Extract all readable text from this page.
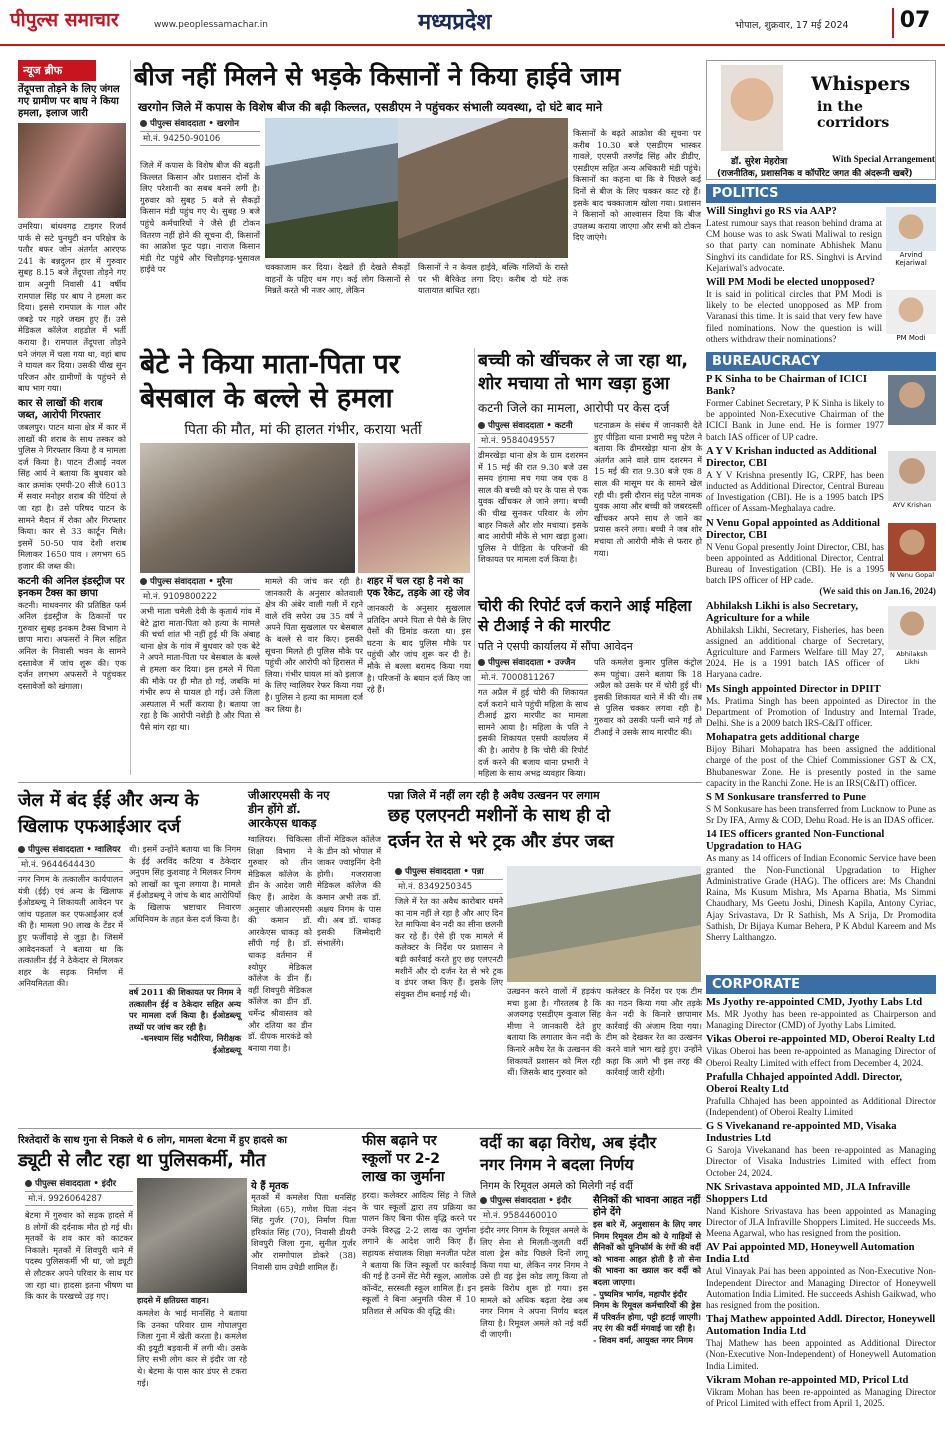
पीपुल्स समाचार	www.peoplessamachar.in	मध्यप्रदेश	भोपाल, शुक्रवार, 17 मई 2024	07
न्यूज ब्रीफ
तेंदूपत्ता तोड़ने के लिए जंगल गए ग्रामीण पर बाघ ने किया हमला, इलाज जारी
उमरिया। बांधवगढ़ टाइगर रिजर्व पार्क से सटे घुनघुटी वन परिक्षेत्र के पतौर बफर जोन अंतर्गत आरएफ 241 के बन्नदुलन हार में गुरुवार सुबह 8.15 बजे तेंदूपत्ता तोड़ने गए ग्राम अनुगी निवासी 41 वर्षीय रामपाल सिंह पर बाघ ने हमला कर दिया। इससे रामपाल के गाल और जबड़े पर गहरे जख्म हुए हैं। उसे मेडिकल कॉलेज शहडोल में भर्ती कराया है। रामपाल तेंदूपत्ता तोड़ने घने जंगल में चला गया था, वहां बाघ ने घायल कर दिया। उसकी चीख सुन परिजन और ग्रामीणों के पहुंचने से बाघ भाग गया।
कार से लाखों की शराब जब्त, आरोपी गिरफ्तार
जबलपुर। पाटन थाना क्षेत्र में कार में लाखों की शराब के साथ तस्कर को पुलिस ने गिरफ्तार किया है व मामला दर्ज किया है। पाटन टीआई नवल सिंह आर्य ने बताया कि बुधवार को कार क्रमांक एमपी-20 सीजे 6013 में सवार मनोहर शराब की पेटियां ले जा रहा है। उसे परिषद पाटन के सामने मैदान में रोका और गिरफ्तार किया। कार से 33 कार्टून मिले। इसमें 50-50 पाव देशी शराब मिलाकर 1650 पाव । लगभग 65 हजार की जब्त की।
कटनी की अनिल इंडस्ट्रीज पर इनकम टैक्स का छापा
कटनी। माधवनगर की प्रतिष्ठित फर्म अनिल इंडस्ट्रीज के ठिकानों पर गुरुवार सुबह इनकम टैक्स विभाग ने छापा मारा। अफसरों ने मिल सहित अनिल के निवासी भवन के सामने दस्तावेज में जांच शुरू की। एक दर्जन लगभग अफसरों ने पहुंचकर दस्तावेजों को खंगाला।
बीज नहीं मिलने से भड़के किसानों ने किया हाईवे जाम
खरगोन जिले में कपास के विशेष बीज की बढ़ी किल्लत, एसडीएम ने पहुंचकर संभाली व्यवस्था, दो घंटे बाद माने
पीपुल्स संवाददाता • खरगोन
मो.नं. 94250-90106
जिले में कपास के विशेष बीज की बढ़ती किल्लत किसान और प्रशासन दोनों के लिए परेशानी का सबब बनने लगी है। गुरुवार को सुबह 5 बजे से सैकड़ों किसान मंडी पहुंच गए थे। सुबह 9 बजे पहुंचे कर्मचारियों ने जैसे ही टोकन वितरण नहीं होने की सूचना दी, किसानों का आक्रोश फूट पड़ा। नाराज किसान मंडी गेट पहुंचे और चित्तौड़गढ़-भुसावल हाईवे पर	चक्काजाम कर दिया। देखते ही देखते सैकड़ों वाहनों के पहिए थम गए। कई लोग किसानों से मिन्नतें करते भी नजर आए, लेकिन
किसानों ने न केवल हाईवे, बल्कि गलियों के रास्ते पर भी बैरिकेड लगा दिए। करीब दो घंटे तक यातायात बाधित रहा।
किसानों के बढ़ते आक्रोश की सूचना पर करीब 10.30 बजे एसडीएम भास्कर गावले, एएसपी तरुणेंद्र सिंह और डीडीए, एसडीएम सहित अन्य अधिकारी मंडी पहुंचे। किसानों का कहना था कि वे पिछले कई दिनों से बीज के लिए चक्कर काट रहे हैं। इसके बाद चक्काजाम खोला गया। प्रशासन ने किसानों को आश्वासन दिया कि बीज उपलब्ध कराया जाएगा और सभी को टोकन दिए जाएंगे।
Whispers
in the corridors
डॉ. सुरेश मेहरोत्रा	With Special Arrangement
(राजनीतिक, प्रशासनिक व कॉर्पोरेट जगत की अंदरूनी खबरें)
POLITICS
Will Singhvi go RS via AAP?
Latest rumour says that reason behind drama at CM house was to ask Swati Maliwal to resign so that party can nominate Abhishek Manu Singhvi its candidate for RS. Singhvi is Arvind Kejariwal's advocate.
Arvind Kejariwal
Will PM Modi be elected unopposed?
It is said in political circles that PM Modi is likely to be elected unopposed as MP from Varanasi this time. It is said that very few have filed nominations. Now the question is will others withdraw their nominations?	PM Modi
BUREAUCRACY
P K Sinha to be Chairman of ICICI Bank?
Former Cabinet Secretary, P K Sinha is likely to be appointed Non-Executive Chairman of the ICICI Bank in June end. He is former 1977 batch IAS officer of UP cadre.
A Y V Krishan inducted as Additional Director, CBI
A Y V Krishna presently IG, CRPF, has been inducted as Additional Director, Central Bureau of Investigation (CBI). He is a 1995 batch IPS officer of Assam-Meghalaya cadre.	AYV Krishan
N Venu Gopal appointed as Additional Director, CBI
N Venu Gopal presently Joint Director, CBI, has been appointed as Additional Director, Central Bureau of Investigation (CBI). He is a 1995 batch IPS officer of HP cade.
N Venu Gopal
(We said this on Jan.16, 2024)
Abhilaksh Likhi is also Secretary, Agriculture for a while
Abhilaksh Likhi, Secretary, Fisheries, has been assigned an additional charge of Secretary, Agriculture and Farmers Welfare till May 27, 2024. He is a 1991 batch IAS officer of Haryana cadre.
Abhilaksh Likhi
Ms Singh appointed Director in DPIIT
Ms. Pratima Singh has been appointed as Director in the Department of Promotion of Industry and Internal Trade, Delhi. She is a 2009 batch IRS-C&IT officer.
Mohapatra gets additional charge
Bijoy Bihari Mohapatra has been assigned the additional charge of the post of the Chief Commissioner GST & CX, Bhubaneswar Zone. He is presently posted in the same capacity in the Ranchi Zone. He is an IRS(C&IT) officer.
S M Sonkusare transferred to Pune
S M Sonkusare has been transferred from Lucknow to Pune as Sr Dy IFA, Army & COD, Dehu Road. He is an IDAS officer.
14 IES officers granted Non-Functional Upgradation to HAG
As many as 14 officers of Indian Economic Service have been granted the Non-Functional Upgradation to Higher Administrative Grade (HAG). The officers are: Ms Chandni Raina, Ms Kusum Mishra, Ms Aparna Bhatia, Ms Simmi Chaudhary, Ms Geetu Joshi, Dinesh Kapila, Antony Cyriac, Ajay Srivastava, Dr R Sathish, Ms A Srija, Dr Promodita Sathish, Dr Bijaya Kumar Behera, P K Abdul Kareem and Ms Sherry Lalthangzo.
CORPORATE
Ms Jyothy re-appointed CMD, Jyothy Labs Ltd
Ms. MR Jyothy has been re-appointed as Chairperson and Managing Director (CMD) of Jyothy Labs Limited.
Vikas Oberoi re-appointed MD, Oberoi Realty Ltd
Vikas Oberoi has been re-appointed as Managing Director of Oberoi Realty Limited with effect from December 4, 2024.
Prafulla Chhajed appointed Addl. Director, Oberoi Realty Ltd
Prafulla Chhajed has been appointed as Additional Director (Independent) of Oberoi Realty Limited
G S Vivekanand re-appointed MD, Visaka Industries Ltd
G Saroja Vivekanand has been re-appointed as Managing Director of Visaka Industries Limited with effect from October 24, 2024.
NK Srivastava appointed MD, JLA Infraville Shoppers Ltd
Nand Kishore Srivastava has been appointed as Managing Director of JLA Infraville Shoppers Limited. He succeeds Ms. Meena Agarwal, who has resigned from the position.
AV Pai appointed MD, Honeywell Automation India Ltd
Atul Vinayak Pai has been appointed as Non-Executive Non-Independent Director and Managing Director of Honeywell Automation India Limited. He succeeds Ashish Gaikwad, who has resigned from the position.
Thaj Mathew appointed Addl. Director, Honeywell Automation India Ltd
Thaj Mathew has been appointed as Additional Director (Non-Executive Non-Independent) of Honeywell Automation India Limited.
Vikram Mohan re-appointed MD, Pricol Ltd
Vikram Mohan has been re-appointed as Managing Director of Pricol Limited with effect from April 1, 2025.
बेटे ने किया माता-पिता पर
बेसबाल के बल्ले से हमला
पिता की मौत, मां की हालत गंभीर, कराया भर्ती
पीपुल्स संवाददाता • मुरैना
मो.नं. 9109800222
अभी माता चमेली देवी के कृतार्थ गांव में बेटे द्वारा माता-पिता को हत्या के मामले की चर्चा शांत भी नहीं हुई थी कि अंबाह थाना क्षेत्र के गांव में बुधवार को एक बेटे ने अपने माता-पिता पर बेसबाल के बल्ले से हमला कर दिया। इस हमले में पिता की मौके पर ही मौत हो गई, जबकि मां गंभीर रूप से घायल हो गई। उसे जिला अस्पताल में भर्ती कराया है। बताया जा रहा है कि आरोपी नशेड़ी है और पिता से पैसे मांग रहा था।
मामले की जांच कर रही है। जानकारी के अनुसार कोतवाली क्षेत्र की अंबेर वाली गली में रहने वाले रवि सपेरा उम्र 35 वर्ष ने अपने पिता सुखलाल पर बेसबाल के बल्ले से वार किए। इसकी सूचना मिलते ही पुलिस मौके पर पहुंची और आरोपी को हिरासत में लिया। गंभीर घायल मां को इलाज के लिए ग्वालियर रेफर किया गया है। पुलिस ने हत्या का मामला दर्ज कर लिया है।
शहर में चल रहा है नशे का एक रैकेट, तड़के आ रहे जेव
जानकारी के अनुसार सुखलाल प्रतिदिन अपने पिता से पैसे के लिए पैसों की डिमांड करता था। इस घटना के बाद पुलिस मौके पर पहुंची और जांच शुरू कर दी है। मौके से बल्ला बरामद किया गया है। परिजनों के बयान दर्ज किए जा रहे हैं।
बच्ची को खींचकर ले जा रहा था,
शोर मचाया तो भाग खड़ा हुआ
कटनी जिले का मामला, आरोपी पर केस दर्ज
पीपुल्स संवाददाता • कटनी
मो.नं. 9584049557
ढीमरखेड़ा थाना क्षेत्र के ग्राम दशरमन में 15 मई की रात 9.30 बजे उस समय हंगामा मच गया जब एक 8 साल की बच्ची को घर के पास से एक युवक खींचकर ले जाने लगा। बच्ची की चीख सुनकर परिवार के लोग बाहर निकले और शोर मचाया। इसके बाद आरोपी मौके से भाग खड़ा हुआ। पुलिस ने पीड़िता के परिजनों की शिकायत पर मामला दर्ज किया है।
घटनाक्रम के संबंध में जानकारी देते हुए पीड़िता थाना प्रभारी मधु पटेल ने बताया कि ढीमरखेड़ा थाना क्षेत्र के अंतर्गत आने वाले ग्राम दशरमन में 15 मई की रात 9.30 बजे एक 8 साल की मासूम घर के सामने खेल रही थी। इसी दौरान संतु पटेल नामक युवक आया और बच्ची को जबरदस्ती खींचकर अपने साथ ले जाने का प्रयास करने लगा। बच्ची ने जब शोर मचाया तो आरोपी मौके से फरार हो गया।
चोरी की रिपोर्ट दर्ज कराने आई महिला से टीआई ने की मारपीट
पति ने एसपी कार्यालय में सौंपा आवेदन
पीपुल्स संवाददाता • उज्जैन
मो.नं. 7000811267
गत अप्रैल में हुई चोरी की शिकायत दर्ज कराने थाने पहुंची महिला के साथ टीआई द्वारा मारपीट का मामला सामने आया है। महिला के पति ने इसकी शिकायत एसपी कार्यालय में की है। आरोप है कि चोरी की रिपोर्ट दर्ज करने की बजाय थाना प्रभारी ने महिला के साथ अभद्र व्यवहार किया।
पति कमलेश कुमार पुलिस कंट्रोल रूम पहुंचा। उसने बताया कि 18 अप्रैल को उसके घर में चोरी हुई थी। इसकी शिकायत थाने में की थी। तब से पुलिस चक्कर लगवा रही है। गुरुवार को उसकी पत्नी थाने गई तो टीआई ने उसके साथ मारपीट की।
जेल में बंद ईई और अन्य के
खिलाफ एफआईआर दर्ज
पीपुल्स संवाददाता • ग्वालियर
मो.नं. 9644644430
नगर निगम के तत्कालीन कार्यपालन यंत्री (ईई) एवं अन्य के खिलाफ ईओडब्ल्यू ने शिकायती आवेदन पर जांच पड़ताल कर एफआईआर दर्ज की है। मामला 90 लाख के टेंडर में हुए फर्जीवाड़े से जुड़ा है। जिसमें आवेदनकर्ता ने बताया था कि तत्कालीन ईई ने ठेकेदार से मिलकर शहर के सड़क निर्माण में अनियमितता की।
थी। इसमें उन्होंने बताया था कि निगम के ईई अरविंद कटिया व ठेकेदार अनुपम सिंह कुशवाह ने मिलकर निगम को लाखों का चूना लगाया है। मामले में ईओडब्ल्यू ने जांच के बाद आरोपियों के खिलाफ भ्रष्टाचार निवारण अधिनियम के तहत केस दर्ज किया है।
वर्ष 2011 की शिकायत पर निगम ने तत्कालीन ईई व ठेकेदार सहित अन्य पर मामला दर्ज किया है। ईओडब्ल्यू तथ्यों पर जांच कर रही है।
-धनश्याम सिंह भदौरिया, निरीक्षक ईओडब्ल्यू
जीआरएमसी के नए
डीन होंगे डॉ.
आरकेएस धाकड़
ग्वालियर। चिकित्सा शिक्षा विभाग ने गुरुवार को तीन मेडिकल कॉलेज के डीन के आदेश जारी किए हैं। आदेश के अनुसार जीआरएमसी की कमान डॉ. आरकेएस धाकड़ को सौंपी गई है। डॉ. धाकड़ वर्तमान में श्योपुर मेडिकल कॉलेज के डीन हैं। वहीं शिवपुरी मेडिकल कॉलेज का डीन डॉ. धर्मेन्द्र श्रीवास्तव को और दतिया का डीन डॉ. दीपक मारकंडे को बनाया गया है।
तीनों मेडिकल कॉलेज के डीन को भोपाल में जाकर ज्वाइनिंग देनी होगी। गजराराजा मेडिकल कॉलेज की कमान अभी तक डॉ. अक्षय निगम के पास थी। अब डॉ. धाकड़ इसकी जिम्मेदारी संभालेंगे।
पन्ना जिले में नहीं लग रही है अवैध उत्खनन पर लगाम
छह एलएनटी मशीनों के साथ ही दो
दर्जन रेत से भरे ट्रक और डंपर जब्त
पीपुल्स संवाददाता • पन्ना
मो.नं. 8349250345
जिले में रेत का अवैध कारोबार थमने का नाम नहीं ले रहा है और आए दिन रेत माफिया बेन नदी का सीना छलनी कर रहे हैं। ऐसे ही एक मामले में कलेक्टर के निर्देश पर प्रशासन ने बड़ी कार्रवाई करते हुए छह एलएनटी मशीनें और दो दर्जन रेत से भरे ट्रक व डंपर जब्त किए हैं। इसके लिए संयुक्त टीम बनाई गई थी।	उत्खनन करने वालों में हड़कंप मचा हुआ है। गौरतलब है कि अजयगढ़ एसडीएम कुवाल सिंह मीणा ने जानकारी देते हुए बताया कि लगातार केन नदी के किनारे अवैध रेत के उत्खनन की शिकायतें प्रशासन को मिल रही थीं। जिसके बाद गुरुवार को
कलेक्टर के निर्देश पर एक टीम का गठन किया गया और तड़के केन नदी के किनारे छापामार कार्रवाई की अंजाम दिया गया। टीम को देखकर रेत का उत्खनन करने वाले भाग खड़े हुए। उन्होंने कहा कि आगे भी इस तरह की कार्रवाई जारी रहेगी।
रिश्तेदारों के साथ गुना से निकले थे 6 लोग, मामला बेटमा में हुए हादसे का
ड्यूटी से लौट रहा था पुलिसकर्मी, मौत
पीपुल्स संवाददाता • इंदौर
मो.नं. 9926064287
बेटमा में गुरुवार को सड़क हादसे में 8 लोगों की दर्दनाक मौत हो गई थी। मृतकों के शव कार को काटकर निकाले। मृतकों में शिवपुरी थाने में पदस्थ पुलिसकर्मी भी था, जो ड्यूटी से लौटकर अपने परिवार के साथ घर जा रहा था। हादसा इतना भीषण था कि कार के परखच्चे उड़ गए।	हादसे में क्षतिग्रस्त वाहन।
कमलेश के भाई मानसिंह ने बताया कि उनका परिवार ग्राम गोपालपुरा जिला गुना में खेती करता है। कमलेश की इयूटी बड़वानी में लगी थी। उसके लिए सभी लोग कार से इंदौर जा रहे थे। बेटमा के पास कार डंपर से टकरा गई।
ये हैं मृतक
मृतकों में कमलेश पिता धनसिंह मिलेला (65), गणेश पिता नंदन सिंह गुर्जर (70), निर्माण पिता हरिकांत सिंह (70), निवासी डीयरी शिवपुरी जिला गुना, सुनील गुर्जर और रामगोपाल डोकरे (38) निवासी ग्राम उचेडी शामिल हैं।
फीस बढ़ाने पर
स्कूलों पर 2-2
लाख का जुर्माना
हरदा। कलेक्टर आदित्य सिंह ने जिले के चार स्कूलों द्वारा तय प्रक्रिया का पालन किए बिना फीस वृद्धि करने पर उनके विरुद्ध 2-2 लाख का जुर्माना लगाने के आदेश जारी किए हैं। सहायक संचालक शिक्षा मनजीत पटेल ने बताया कि जिन स्कूलों पर कार्रवाई की गई है उनमें सेंट मेरी स्कूल, आलोक कॉन्वेंट, सरस्वती स्कूल शामिल हैं। इन स्कूलों ने बिना अनुमति फीस में 10 प्रतिशत से अधिक की वृद्धि की।
वर्दी का बढ़ा विरोध, अब इंदौर
नगर निगम ने बदला निर्णय
निगम के रिमूवल अमले को मिलेगी नई वर्दी
पीपुल्स संवाददाता • इंदौर
मो.नं. 9584460010
इंदौर नगर निगम के रिमूवल अमले के लिए सेना से मिलती-जुलती वर्दी वाला ड्रेस कोड पिछले दिनों लागू किया गया था, लेकिन नगर निगम ने उसे ही वह ड्रेस कोड लागू किया तो इसके विरोध शुरू हो गया। इस मामले को अधिक बढ़ता देख अब नगर निगम ने अपना निर्णय बदल लिया है। रिमूवल अमले को नई वर्दी दी जाएगी।
सैनिकों की भावना आहत नहीं होने देंगे
इस बारे में, अनुशासन के लिए नगर निगम रिमूवल टीम को ये गाड़ियों से सैनिकों को यूनिफॉर्म के रंगों की वर्दी को भावना आहत होती है तो सेना की भावना का ख्याल कर वर्दी को बदला जाएगा।
- पुष्यमित्र भार्गव, महापौर इंदौर
निगम के रिमूवल कर्मचारियों की ड्रेस में परिवर्तन होगा, पट्टी हटाई जाएगी। नए रंग की वर्दी मंगवाई जा रही है।
- शिवम वर्मा, आयुक्त नगर निगम
